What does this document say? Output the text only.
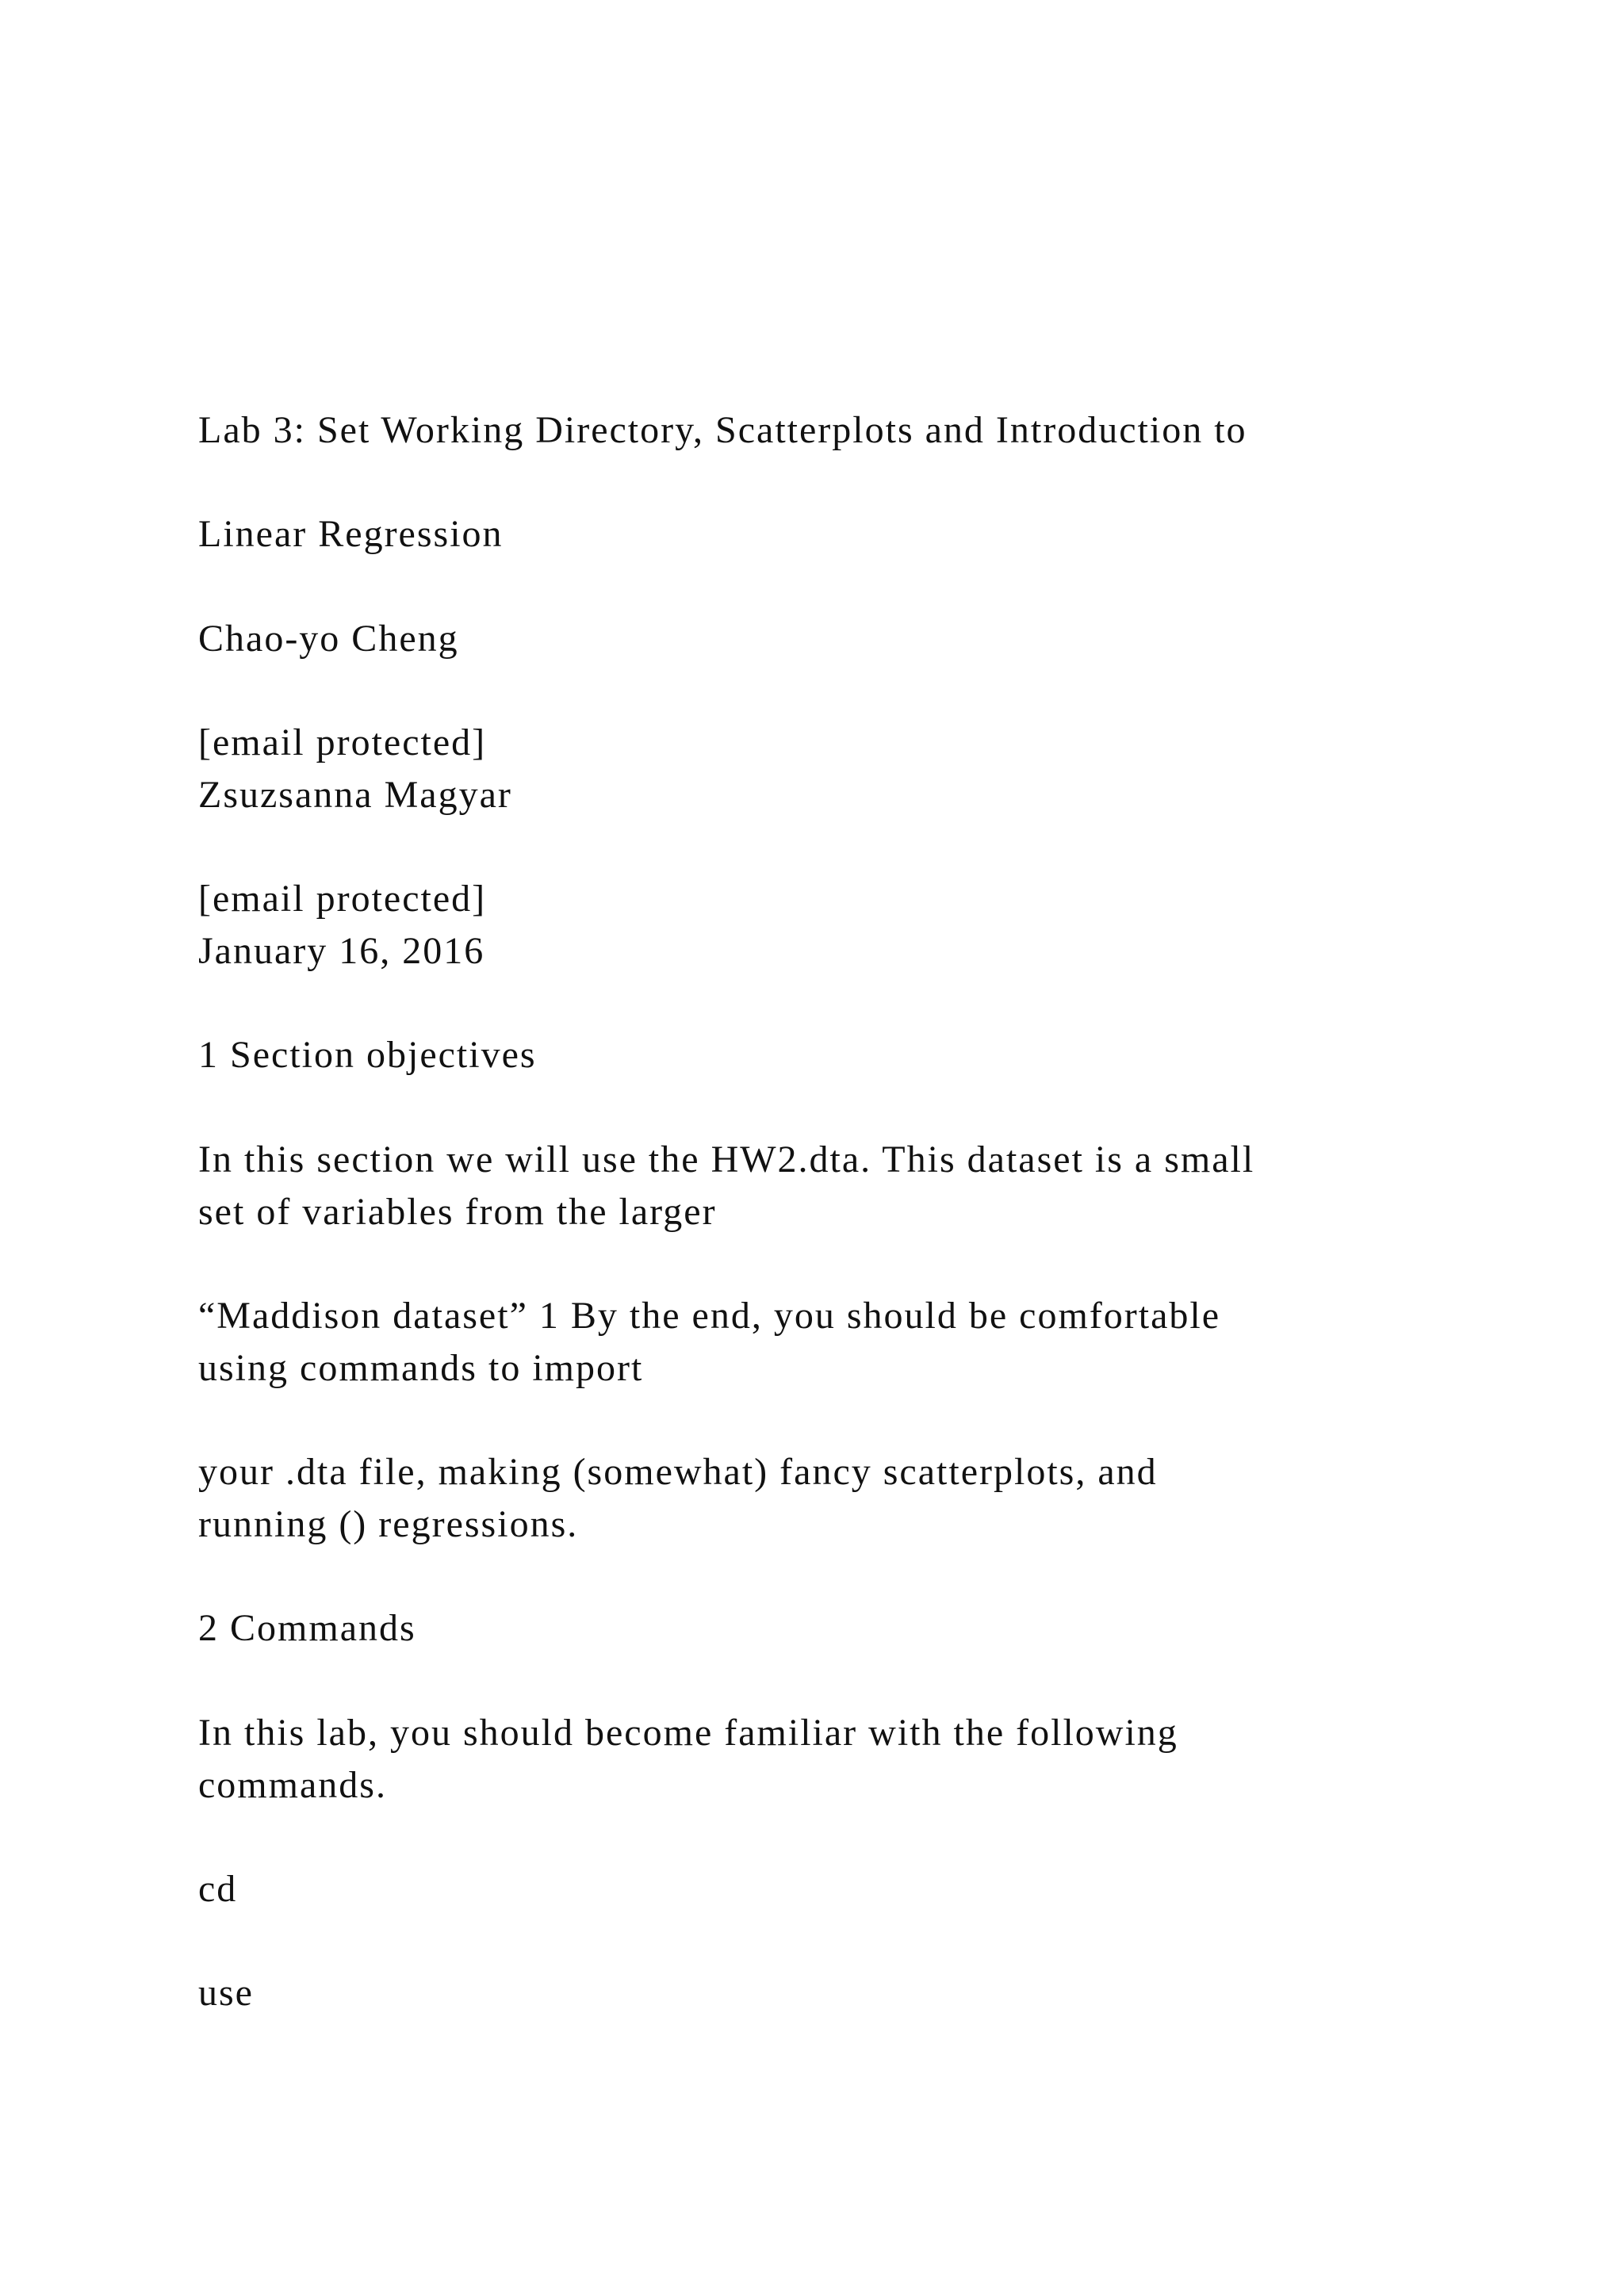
Lab 3: Set Working Directory, Scatterplots and Introduction to

Linear Regression

Chao-yo Cheng

[email protected]

Zsuzsanna Magyar

[email protected]

January 16, 2016

1 Section objectives

In this section we will use the HW2.dta. This dataset is a small

set of variables from the larger

“Maddison dataset” 1 By the end, you should be comfortable

using commands to import

your .dta file, making (somewhat) fancy scatterplots, and

running () regressions.

2 Commands

In this lab, you should become familiar with the following

commands.

cd

use
